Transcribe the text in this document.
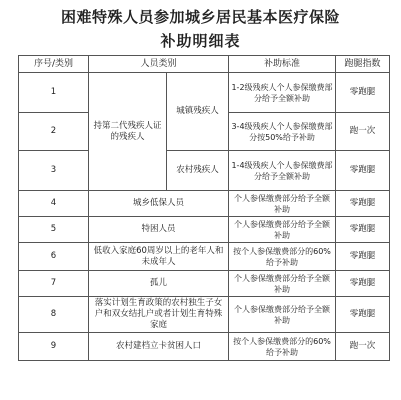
困难特殊人员参加城乡居民基本医疗保险
补助明细表
序号/类别	人员类别		补助标准	跑腿指数
1	持第二代残疾人证的残疾人	城镇残疾人	1-2级残疾人个人参保缴费部分给予全额补助	零跑腿
2			3-4级残疾人个人参保缴费部分按50%给予补助	跑一次
3		农村残疾人	1-4级残疾人个人参保缴费部分给予全额补助	零跑腿
4	城乡低保人员		个人参保缴费部分给予全额补助	零跑腿
5	特困人员		个人参保缴费部分给予全额补助	零跑腿
6	低收入家庭60周岁以上的老年人和未成年人		按个人参保缴费部分的60%给予补助	零跑腿
7	孤儿		个人参保缴费部分给予全额补助	零跑腿
8	落实计划生育政策的农村独生子女户和双女结扎户或者计划生育特殊家庭		个人参保缴费部分给予全额补助	零跑腿
9	农村建档立卡贫困人口		按个人参保缴费部分的60%给予补助	跑一次
